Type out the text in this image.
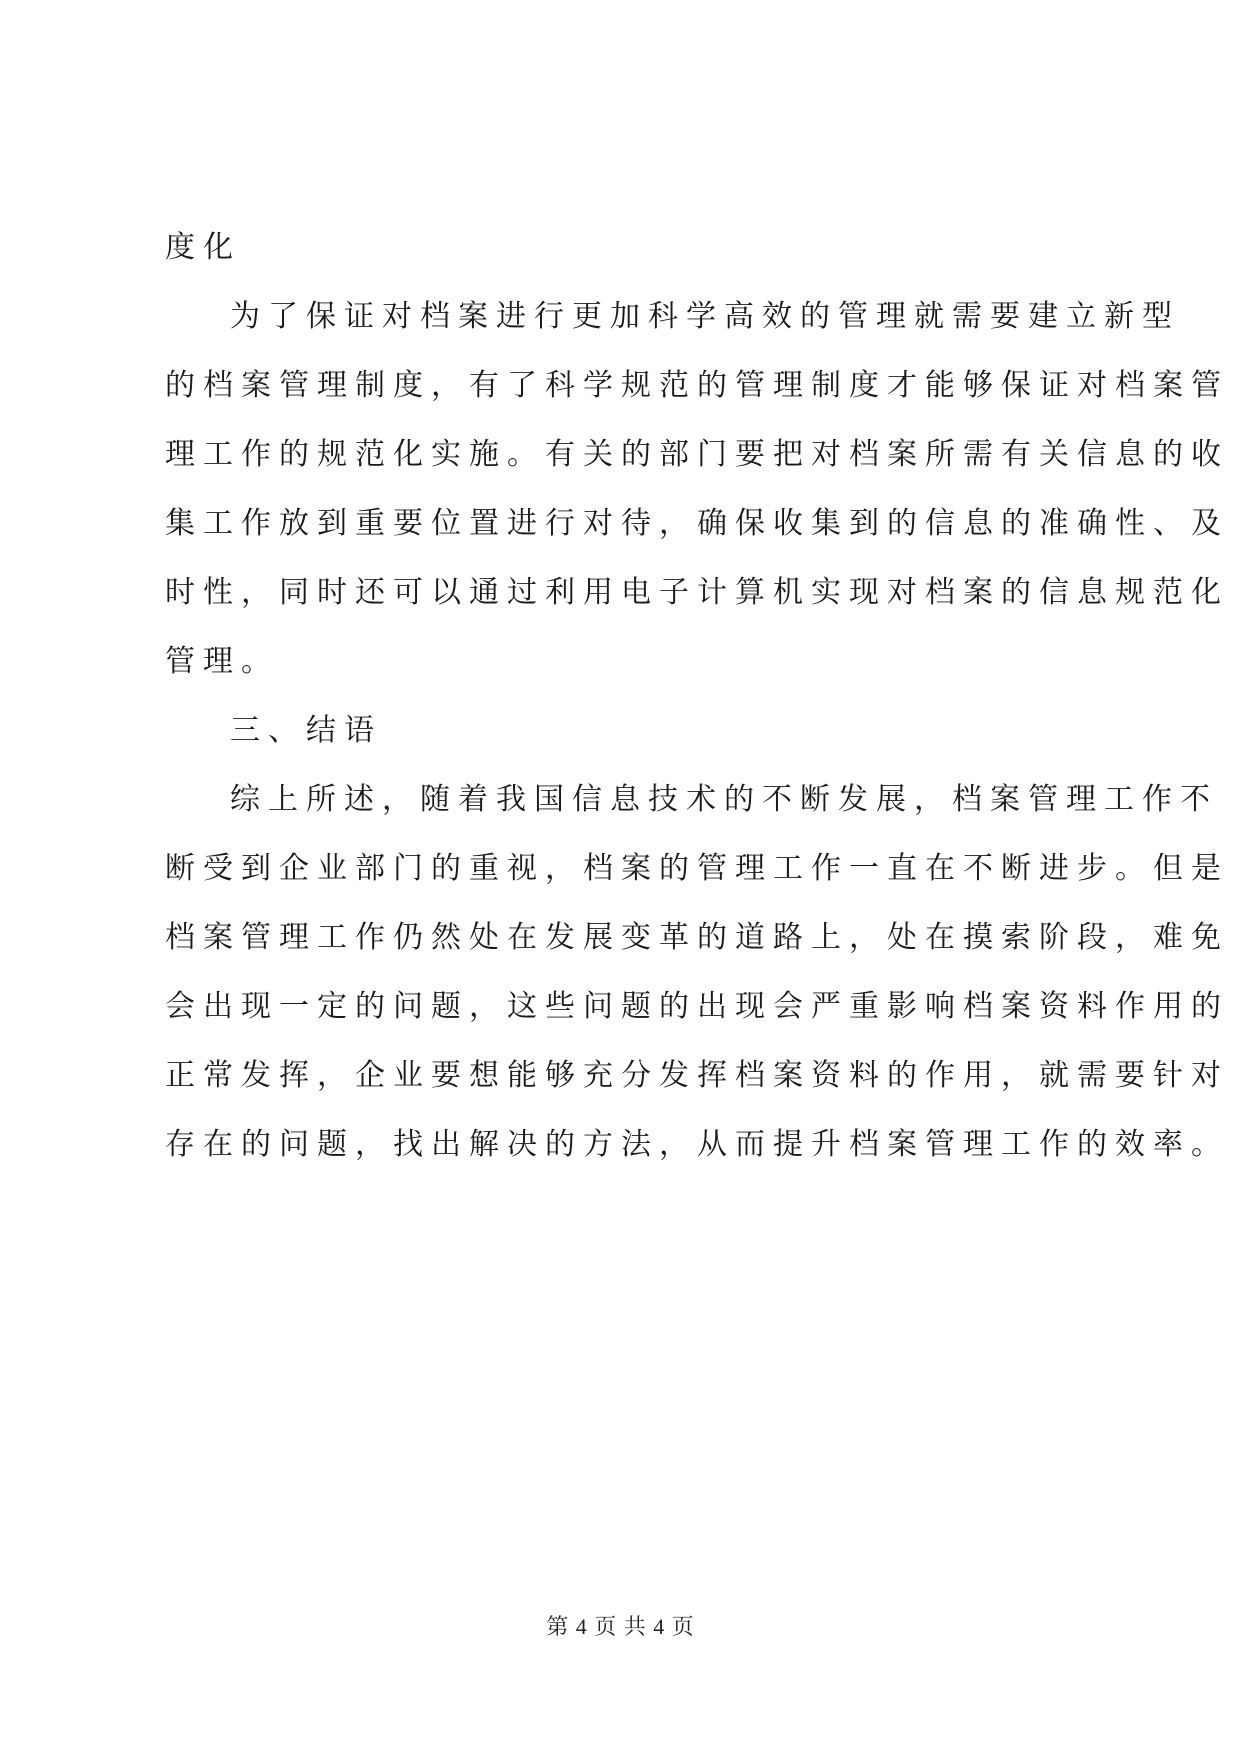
度化
为了保证对档案进行更加科学高效的管理就需要建立新型
的档案管理制度，有了科学规范的管理制度才能够保证对档案管
理工作的规范化实施。有关的部门要把对档案所需有关信息的收
集工作放到重要位置进行对待，确保收集到的信息的准确性、及
时性，同时还可以通过利用电子计算机实现对档案的信息规范化
管理。
三、结语
综上所述，随着我国信息技术的不断发展，档案管理工作不
断受到企业部门的重视，档案的管理工作一直在不断进步。但是
档案管理工作仍然处在发展变革的道路上，处在摸索阶段，难免
会出现一定的问题，这些问题的出现会严重影响档案资料作用的
正常发挥，企业要想能够充分发挥档案资料的作用，就需要针对
存在的问题，找出解决的方法，从而提升档案管理工作的效率。
第 4 页 共 4 页
